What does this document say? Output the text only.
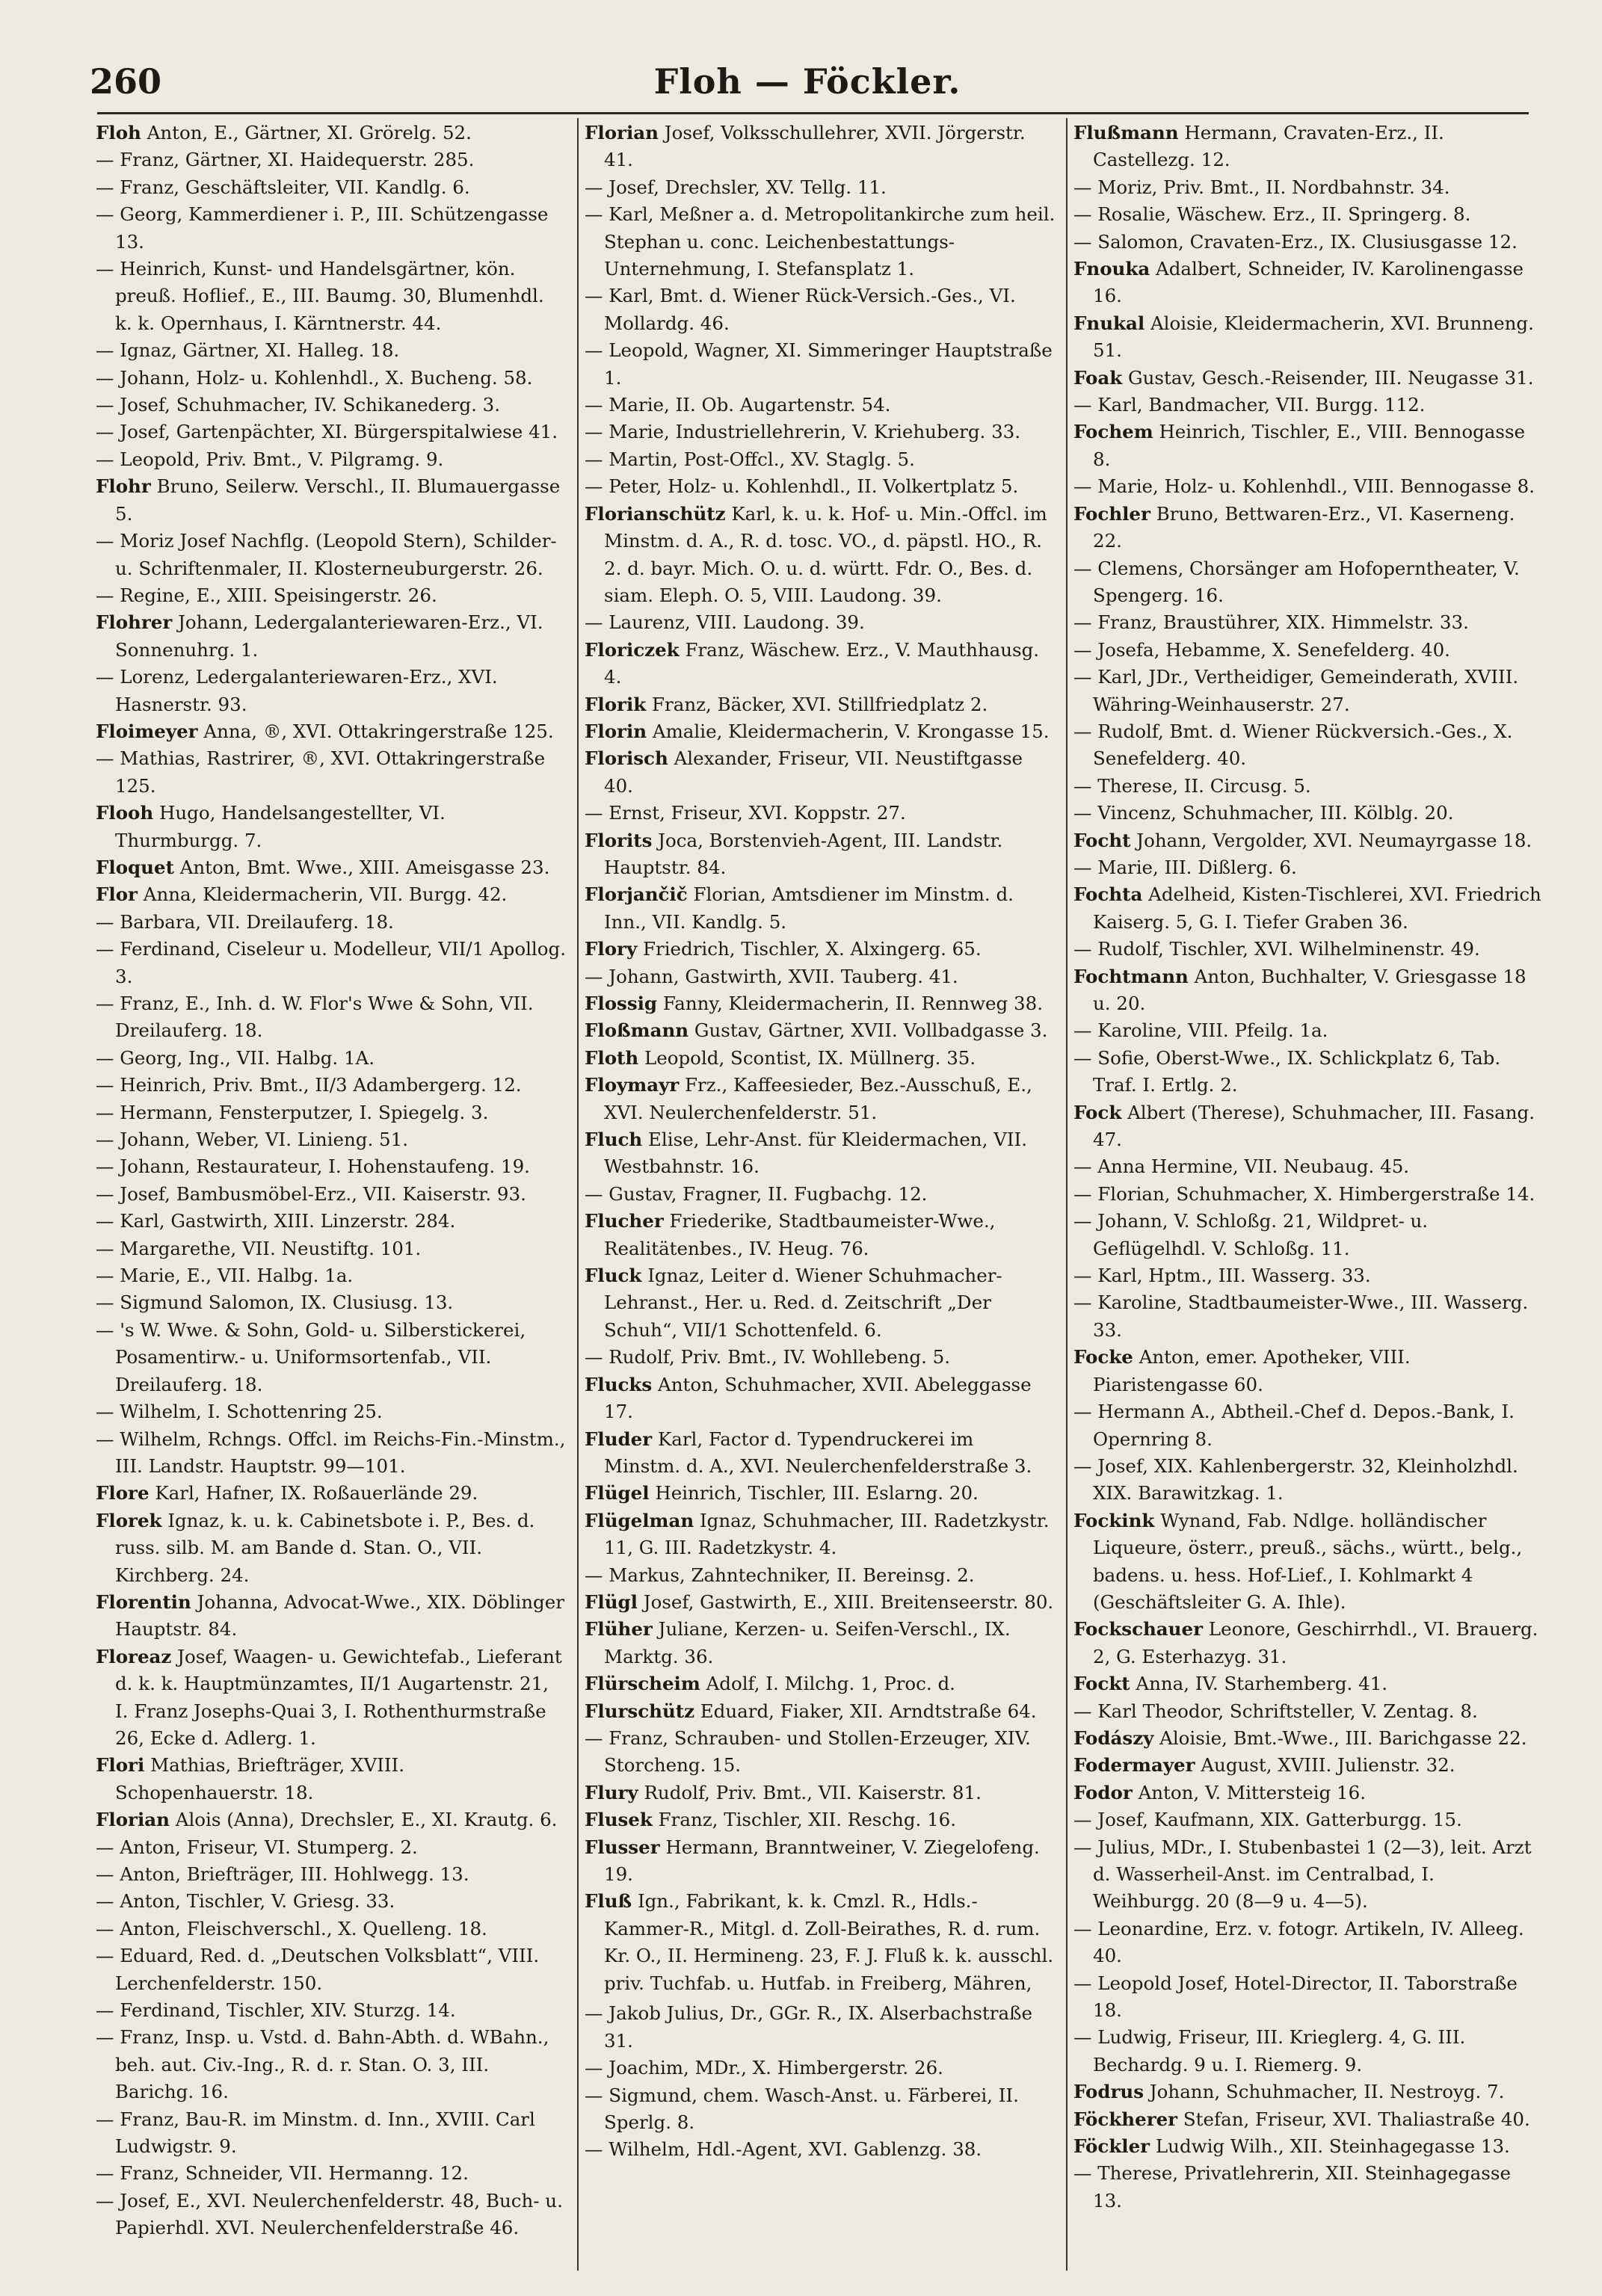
260	Floh — Föckler.

Floh Anton, E., Gärtner, XI. Grörelg. 52.

— Franz, Gärtner, XI. Haidequerstr. 285.

— Franz, Geschäftsleiter, VII. Kandlg. 6.

— Georg, Kammerdiener i. P., III. Schützengasse 13.

— Heinrich, Kunst- und Handelsgärtner, kön. preuß. Hoflief., E., III. Baumg. 30, Blumenhdl. k. k. Opernhaus, I. Kärntnerstr. 44.

— Ignaz, Gärtner, XI. Halleg. 18.

— Johann, Holz- u. Kohlenhdl., X. Bucheng. 58.

— Josef, Schuhmacher, IV. Schikanederg. 3.

— Josef, Gartenpächter, XI. Bürgerspitalwiese 41.

— Leopold, Priv. Bmt., V. Pilgramg. 9.

Flohr Bruno, Seilerw. Verschl., II. Blumauergasse 5.

— Moriz Josef Nachflg. (Leopold Stern), Schilder- u. Schriftenmaler, II. Klosterneuburgerstr. 26.

— Regine, E., XIII. Speisingerstr. 26.

Flohrer Johann, Ledergalanteriewaren-Erz., VI. Sonnenuhrg. 1.

— Lorenz, Ledergalanteriewaren-Erz., XVI. Hasnerstr. 93.

Floimeyer Anna, ®, XVI. Ottakringerstraße 125.

— Mathias, Rastrirer, ®, XVI. Ottakringerstraße 125.

Flooh Hugo, Handelsangestellter, VI. Thurmburgg. 7.

Floquet Anton, Bmt. Wwe., XIII. Ameisgasse 23.

Flor Anna, Kleidermacherin, VII. Burgg. 42.

— Barbara, VII. Dreilauferg. 18.

— Ferdinand, Ciseleur u. Modelleur, VII/1 Apollog. 3.

— Franz, E., Inh. d. W. Flor's Wwe & Sohn, VII. Dreilauferg. 18.

— Georg, Ing., VII. Halbg. 1A.

— Heinrich, Priv. Bmt., II/3 Adambergerg. 12.

— Hermann, Fensterputzer, I. Spiegelg. 3.

— Johann, Weber, VI. Linieng. 51.

— Johann, Restaurateur, I. Hohenstaufeng. 19.

— Josef, Bambusmöbel-Erz., VII. Kaiserstr. 93.

— Karl, Gastwirth, XIII. Linzerstr. 284.

— Margarethe, VII. Neustiftg. 101.

— Marie, E., VII. Halbg. 1a.

— Sigmund Salomon, IX. Clusiusg. 13.

— 's W. Wwe. & Sohn, Gold- u. Silberstickerei, Posamentirw.- u. Uniformsortenfab., VII. Dreilauferg. 18.

— Wilhelm, I. Schottenring 25.

— Wilhelm, Rchngs. Offcl. im Reichs-Fin.-Minstm., III. Landstr. Hauptstr. 99—101.

Flore Karl, Hafner, IX. Roßauerlände 29.

Florek Ignaz, k. u. k. Cabinetsbote i. P., Bes. d. russ. silb. M. am Bande d. Stan. O., VII. Kirchberg. 24.

Florentin Johanna, Advocat-Wwe., XIX. Döblinger Hauptstr. 84.

Floreaz Josef, Waagen- u. Gewichtefab., Lieferant d. k. k. Hauptmünzamtes, II/1 Augartenstr. 21, I. Franz Josephs-Quai 3, I. Rothenthurmstraße 26, Ecke d. Adlerg. 1.

Flori Mathias, Briefträger, XVIII. Schopenhauerstr. 18.

Florian Alois (Anna), Drechsler, E., XI. Krautg. 6.

— Anton, Friseur, VI. Stumperg. 2.

— Anton, Briefträger, III. Hohlwegg. 13.

— Anton, Tischler, V. Griesg. 33.

— Anton, Fleischverschl., X. Quelleng. 18.

— Eduard, Red. d. „Deutschen Volksblatt“, VIII. Lerchenfelderstr. 150.

— Ferdinand, Tischler, XIV. Sturzg. 14.

— Franz, Insp. u. Vstd. d. Bahn-Abth. d. WBahn., beh. aut. Civ.-Ing., R. d. r. Stan. O. 3, III. Barichg. 16.

— Franz, Bau-R. im Minstm. d. Inn., XVIII. Carl Ludwigstr. 9.

— Franz, Schneider, VII. Hermanng. 12.

— Josef, E., XVI. Neulerchenfelderstr. 48, Buch- u. Papierhdl. XVI. Neulerchenfelderstraße 46.

Florian Josef, Volksschullehrer, XVII. Jörgerstr. 41.

— Josef, Drechsler, XV. Tellg. 11.

— Karl, Meßner a. d. Metropolitankirche zum heil. Stephan u. conc. Leichenbestattungs-Unternehmung, I. Stefansplatz 1.

— Karl, Bmt. d. Wiener Rück-Versich.-Ges., VI. Mollardg. 46.

— Leopold, Wagner, XI. Simmeringer Hauptstraße 1.

— Marie, II. Ob. Augartenstr. 54.

— Marie, Industriellehrerin, V. Kriehuberg. 33.

— Martin, Post-Offcl., XV. Staglg. 5.

— Peter, Holz- u. Kohlenhdl., II. Volkertplatz 5.

Florianschütz Karl, k. u. k. Hof- u. Min.-Offcl. im Minstm. d. A., R. d. tosc. VO., d. päpstl. HO., R. 2. d. bayr. Mich. O. u. d. württ. Fdr. O., Bes. d. siam. Eleph. O. 5, VIII. Laudong. 39.

— Laurenz, VIII. Laudong. 39.

Floriczek Franz, Wäschew. Erz., V. Mauthhausg. 4.

Florik Franz, Bäcker, XVI. Stillfriedplatz 2.

Florin Amalie, Kleidermacherin, V. Krongasse 15.

Florisch Alexander, Friseur, VII. Neustiftgasse 40.

— Ernst, Friseur, XVI. Koppstr. 27.

Florits Joca, Borstenvieh-Agent, III. Landstr. Hauptstr. 84.

Florjančič Florian, Amtsdiener im Minstm. d. Inn., VII. Kandlg. 5.

Flory Friedrich, Tischler, X. Alxingerg. 65.

— Johann, Gastwirth, XVII. Tauberg. 41.

Flossig Fanny, Kleidermacherin, II. Rennweg 38.

Floßmann Gustav, Gärtner, XVII. Vollbadgasse 3.

Floth Leopold, Scontist, IX. Müllnerg. 35.

Floymayr Frz., Kaffeesieder, Bez.-Ausschuß, E., XVI. Neulerchenfelderstr. 51.

Fluch Elise, Lehr-Anst. für Kleidermachen, VII. Westbahnstr. 16.

— Gustav, Fragner, II. Fugbachg. 12.

Flucher Friederike, Stadtbaumeister-Wwe., Realitätenbes., IV. Heug. 76.

Fluck Ignaz, Leiter d. Wiener Schuhmacher-Lehranst., Her. u. Red. d. Zeitschrift „Der Schuh“, VII/1 Schottenfeld. 6.

— Rudolf, Priv. Bmt., IV. Wohllebeng. 5.

Flucks Anton, Schuhmacher, XVII. Abeleggasse 17.

Fluder Karl, Factor d. Typendruckerei im Minstm. d. A., XVI. Neulerchenfelderstraße 3.

Flügel Heinrich, Tischler, III. Eslarng. 20.

Flügelman Ignaz, Schuhmacher, III. Radetzkystr. 11, G. III. Radetzkystr. 4.

— Markus, Zahntechniker, II. Bereinsg. 2.

Flügl Josef, Gastwirth, E., XIII. Breitenseerstr. 80.

Flüher Juliane, Kerzen- u. Seifen-Verschl., IX. Marktg. 36.

Flürscheim Adolf, I. Milchg. 1, Proc. d.

Flurschütz Eduard, Fiaker, XII. Arndtstraße 64.

— Franz, Schrauben- und Stollen-Erzeuger, XIV. Storcheng. 15.

Flury Rudolf, Priv. Bmt., VII. Kaiserstr. 81.

Flusek Franz, Tischler, XII. Reschg. 16.

Flusser Hermann, Branntweiner, V. Ziegelofeng. 19.

Fluß Ign., Fabrikant, k. k. Cmzl. R., Hdls.-Kammer-R., Mitgl. d. Zoll-Beirathes, R. d. rum. Kr. O., II. Hermineng. 23, F. J. Fluß k. k. ausschl. priv. Tuchfab. u. Hutfab. in Freiberg, Mähren,

— Jakob Julius, Dr., GGr. R., IX. Alserbachstraße 31.

— Joachim, MDr., X. Himbergerstr. 26.

— Sigmund, chem. Wasch-Anst. u. Färberei, II. Sperlg. 8.

— Wilhelm, Hdl.-Agent, XVI. Gablenzg. 38.

Flußmann Hermann, Cravaten-Erz., II. Castellezg. 12.

— Moriz, Priv. Bmt., II. Nordbahnstr. 34.

— Rosalie, Wäschew. Erz., II. Springerg. 8.

— Salomon, Cravaten-Erz., IX. Clusiusgasse 12.

Fnouka Adalbert, Schneider, IV. Karolinengasse 16.

Fnukal Aloisie, Kleidermacherin, XVI. Brunneng. 51.

Foak Gustav, Gesch.-Reisender, III. Neugasse 31.

— Karl, Bandmacher, VII. Burgg. 112.

Fochem Heinrich, Tischler, E., VIII. Bennogasse 8.

— Marie, Holz- u. Kohlenhdl., VIII. Bennogasse 8.

Fochler Bruno, Bettwaren-Erz., VI. Kaserneng. 22.

— Clemens, Chorsänger am Hofoperntheater, V. Spengerg. 16.

— Franz, Braustührer, XIX. Himmelstr. 33.

— Josefa, Hebamme, X. Senefelderg. 40.

— Karl, JDr., Vertheidiger, Gemeinderath, XVIII. Währing-Weinhauserstr. 27.

— Rudolf, Bmt. d. Wiener Rückversich.-Ges., X. Senefelderg. 40.

— Therese, II. Circusg. 5.

— Vincenz, Schuhmacher, III. Kölblg. 20.

Focht Johann, Vergolder, XVI. Neumayrgasse 18.

— Marie, III. Dißlerg. 6.

Fochta Adelheid, Kisten-Tischlerei, XVI. Friedrich Kaiserg. 5, G. I. Tiefer Graben 36.

— Rudolf, Tischler, XVI. Wilhelminenstr. 49.

Fochtmann Anton, Buchhalter, V. Griesgasse 18 u. 20.

— Karoline, VIII. Pfeilg. 1a.

— Sofie, Oberst-Wwe., IX. Schlickplatz 6, Tab. Traf. I. Ertlg. 2.

Fock Albert (Therese), Schuhmacher, III. Fasang. 47.

— Anna Hermine, VII. Neubaug. 45.

— Florian, Schuhmacher, X. Himbergerstraße 14.

— Johann, V. Schloßg. 21, Wildpret- u. Geflügelhdl. V. Schloßg. 11.

— Karl, Hptm., III. Wasserg. 33.

— Karoline, Stadtbaumeister-Wwe., III. Wasserg. 33.

Focke Anton, emer. Apotheker, VIII. Piaristengasse 60.

— Hermann A., Abtheil.-Chef d. Depos.-Bank, I. Opernring 8.

— Josef, XIX. Kahlenbergerstr. 32, Kleinholzhdl. XIX. Barawitzkag. 1.

Fockink Wynand, Fab. Ndlge. holländischer Liqueure, österr., preuß., sächs., württ., belg., badens. u. hess. Hof-Lief., I. Kohlmarkt 4 (Geschäftsleiter G. A. Ihle).

Fockschauer Leonore, Geschirrhdl., VI. Brauerg. 2, G. Esterhazyg. 31.

Fockt Anna, IV. Starhemberg. 41.

— Karl Theodor, Schriftsteller, V. Zentag. 8.

Fodászy Aloisie, Bmt.-Wwe., III. Barichgasse 22.

Fodermayer August, XVIII. Julienstr. 32.

Fodor Anton, V. Mittersteig 16.

— Josef, Kaufmann, XIX. Gatterburgg. 15.

— Julius, MDr., I. Stubenbastei 1 (2—3), leit. Arzt d. Wasserheil-Anst. im Centralbad, I. Weihburgg. 20 (8—9 u. 4—5).

— Leonardine, Erz. v. fotogr. Artikeln, IV. Alleeg. 40.

— Leopold Josef, Hotel-Director, II. Taborstraße 18.

— Ludwig, Friseur, III. Krieglerg. 4, G. III. Bechardg. 9 u. I. Riemerg. 9.

Fodrus Johann, Schuhmacher, II. Nestroyg. 7.

Föckherer Stefan, Friseur, XVI. Thaliastraße 40.

Föckler Ludwig Wilh., XII. Steinhagegasse 13.

— Therese, Privatlehrerin, XII. Steinhagegasse 13.
